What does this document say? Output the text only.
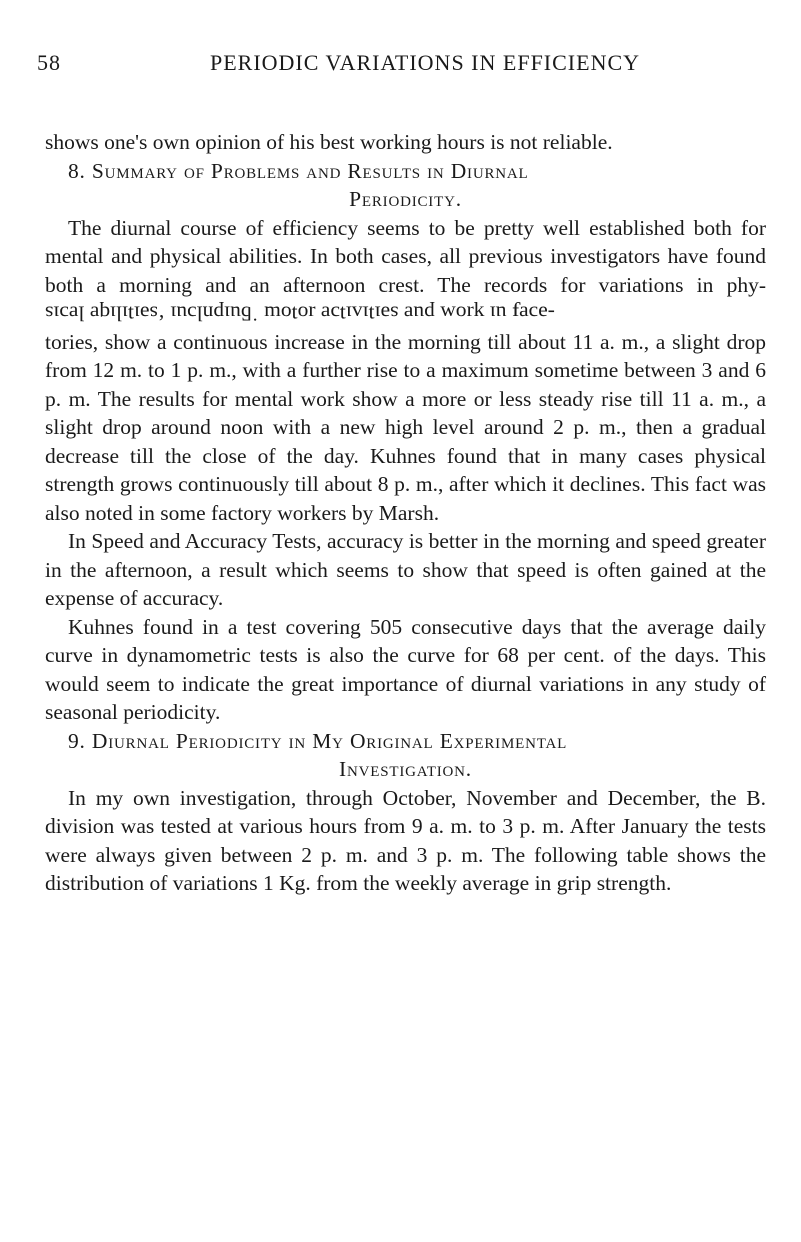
58	PERIODIC VARIATIONS IN EFFICIENCY

shows one's own opinion of his best working hours is not reliable.

8. Summary of Problems and Results in Diurnal
Periodicity.

The diurnal course of efficiency seems to be pretty well established both for mental and physical abilities. In both cases, all previous investigators have found both a morning and an afternoon crest. The records for variations in phy-

-ǝɔɐɟ uı ʞɹoʍ puɐ sǝıʇıʌıʇɔɐ ɹoʇoɯ ˙ƃuıpnlɔuı ‘sǝıʇılıqɐ lɐɔıs

tories, show a continuous increase in the morning till about 11 a. m., a slight drop from 12 m. to 1 p. m., with a further rise to a maximum sometime between 3 and 6 p. m. The results for mental work show a more or less steady rise till 11 a. m., a slight drop around noon with a new high level around 2 p. m., then a gradual decrease till the close of the day. Kuhnes found that in many cases physical strength grows continuously till about 8 p. m., after which it declines. This fact was also noted in some factory workers by Marsh.

In Speed and Accuracy Tests, accuracy is better in the morning and speed greater in the afternoon, a result which seems to show that speed is often gained at the expense of accuracy.

Kuhnes found in a test covering 505 consecutive days that the average daily curve in dynamometric tests is also the curve for 68 per cent. of the days. This would seem to indicate the great importance of diurnal variations in any study of seasonal periodicity.

9. Diurnal Periodicity in My Original Experimental
Investigation.

In my own investigation, through October, November and December, the B. division was tested at various hours from 9 a. m. to 3 p. m. After January the tests were always given between 2 p. m. and 3 p. m. The following table shows the distribution of variations 1 Kg. from the weekly average in grip strength.
